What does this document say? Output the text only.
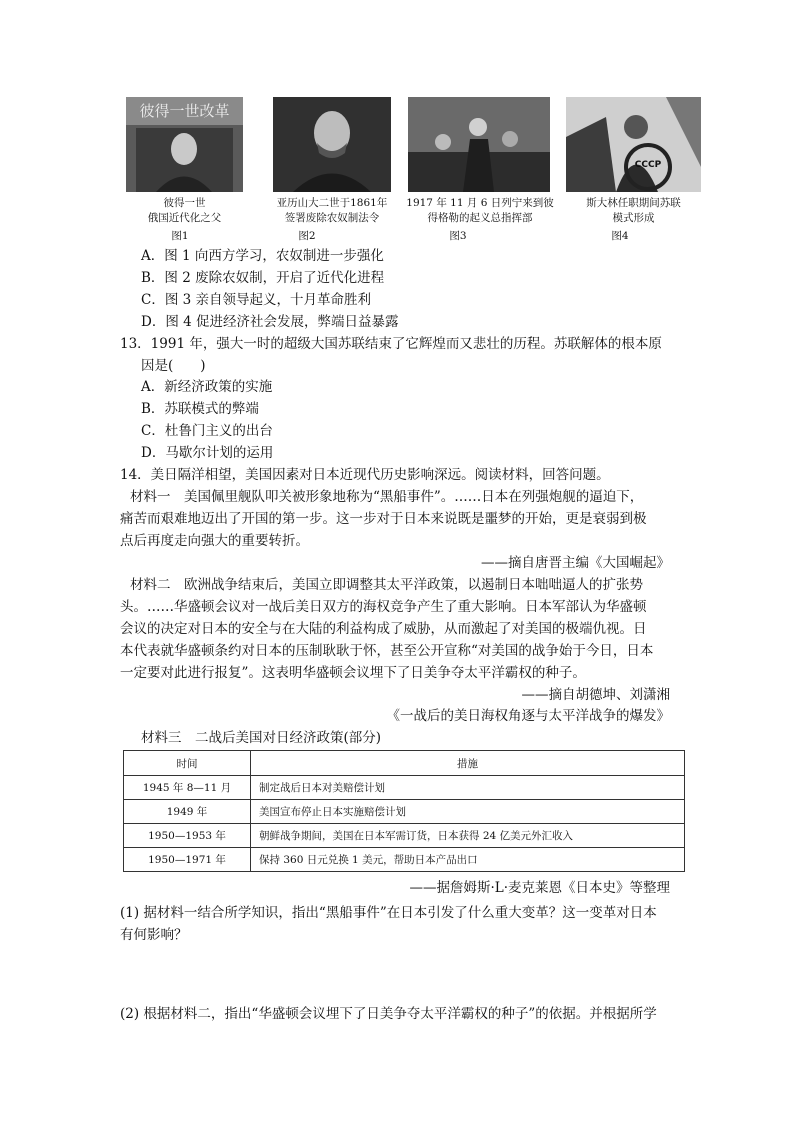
彼得一世改革
彼得一世
俄国近代化之父
图1
亚历山大二世于1861年
签署废除农奴制法令
图2
1917 年 11 月 6 日列宁来到彼
得格勒的起义总指挥部
图3
CCCP
斯大林任职期间苏联
模式形成
图4
A．图 1 向西方学习，农奴制进一步强化
B．图 2 废除农奴制，开启了近代化进程
C．图 3 亲自领导起义，十月革命胜利
D．图 4 促进经济社会发展，弊端日益暴露
13．1991 年，强大一时的超级大国苏联结束了它辉煌而又悲壮的历程。苏联解体的根本原
因是(　　)
A．新经济政策的实施
B．苏联模式的弊端
C．杜鲁门主义的出台
D．马歇尔计划的运用
14．美日隔洋相望，美国因素对日本近现代历史影响深远。阅读材料，回答问题。
材料一　美国佩里舰队叩关被形象地称为“黑船事件”。……日本在列强炮舰的逼迫下，
痛苦而艰难地迈出了开国的第一步。这一步对于日本来说既是噩梦的开始，更是衰弱到极
点后再度走向强大的重要转折。
——摘自唐晋主编《大国崛起》
材料二　欧洲战争结束后，美国立即调整其太平洋政策，以遏制日本咄咄逼人的扩张势
头。……华盛顿会议对一战后美日双方的海权竞争产生了重大影响。日本军部认为华盛顿
会议的决定对日本的安全与在大陆的利益构成了威胁，从而激起了对美国的极端仇视。日
本代表就华盛顿条约对日本的压制耿耿于怀，甚至公开宣称“对美国的战争始于今日，日本
一定要对此进行报复”。这表明华盛顿会议埋下了日美争夺太平洋霸权的种子。
——摘自胡德坤、刘潇湘
《一战后的美日海权角逐与太平洋战争的爆发》
材料三　二战后美国对日经济政策(部分)
时间	措施
1945 年 8—11 月	制定战后日本对美赔偿计划
1949 年	美国宣布停止日本实施赔偿计划
1950—1953 年	朝鲜战争期间，美国在日本军需订货，日本获得 24 亿美元外汇收入
1950—1971 年	保持 360 日元兑换 1 美元，帮助日本产品出口
——据詹姆斯·L·麦克莱恩《日本史》等整理
(1) 据材料一结合所学知识，指出“黑船事件”在日本引发了什么重大变革？这一变革对日本
有何影响？
(2) 根据材料二，指出“华盛顿会议埋下了日美争夺太平洋霸权的种子”的依据。并根据所学
